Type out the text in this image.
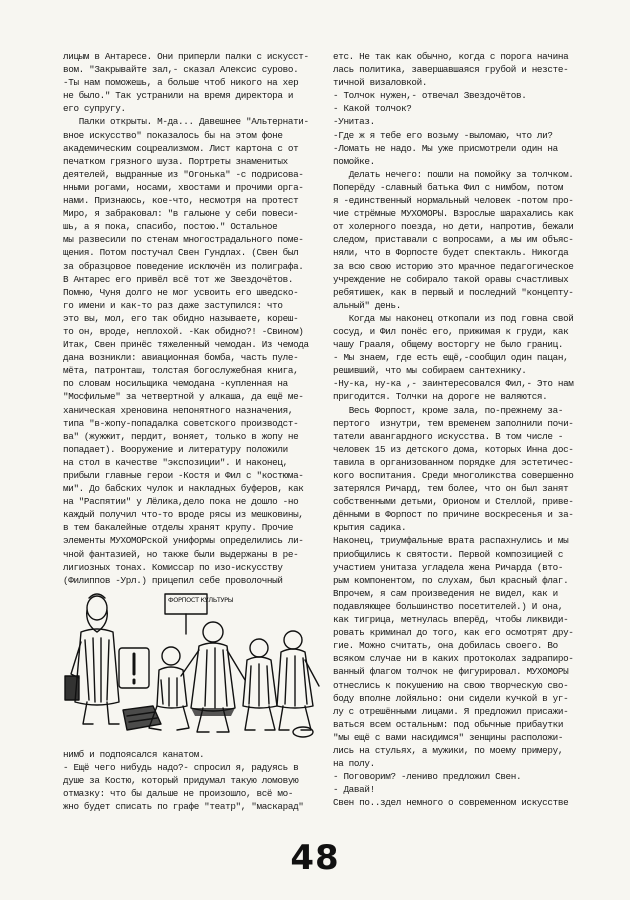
лицым в Антаресе. Они приперли палки с искусст-
вом. "Закрывайте зал,- сказал Алексис сурово.
-Ты нам поможешь, а больше чтоб никого на хер
не было." Так устранили на время директора и
его супругу.

Палки открыты. М-да... Давешнее "Альтернати-
вное искусство" показалось бы на этом фоне
академическим соцреализмом. Лист картона с от
печатком грязного шуза. Портреты знаменитых
деятелей, выдранные из "Огонька" -с подрисова-
нными рогами, носами, хвостами и прочими орга-
нами. Признаюсь, кое-что, несмотря на протест
Миро, я забраковал: "в гальюне у себи повеси-
шь, а я пока, спасибо, постою." Остальное
мы развесили по стенам многострадального поме-
щения. Потом постучал Свен Гундлах. (Свен был
за образцовое поведение исключён из полиграфа.
В Антарес его привёл всё тот же Звездочётов.
Помню, Чуня долго не мог усвоить его шведско-
го имени и как-то раз даже заступился: что
это вы, мол, его так обидно называете, кореш-
то он, вроде, неплохой. -Как обидно?! -Свином)
Итак, Свен принёс тяжеленный чемодан. Из чемода
дана возникли: авиационная бомба, часть пуле-
мёта, патронташ, толстая богослужебная книга,
по словам носильщика чемодана -купленная на
"Мосфильме" за четвертной у алкаша, да ещё ме-
ханическая хреновина непонятного назначения,
типа "в-жопу-попадалка советского производст-
ва" (жужжит, пердит, воняет, только в жопу не
попадает). Вооружение и литературу положили
на стол в качестве "экспозиции". И наконец,
прибыли главные герои -Костя и Фил с "костюма-
ми". До бабских чулок и накладных буферов, как
на "Распятии" у Лёлика,дело пока не дошло -но
каждый получил что-то вроде рясы из мешковины,
в тем бакалейные отделы хранят крупу. Прочие
элементы МУХОМОРской униформы определились ли-
чной фантазией, но также были выдержаны в ре-
лигиозных тонах. Комиссар по изо-искусству
(Филиппов -Урл.) прицепил себе проволочный

ФОРПОСТ КУЛЬТУРЫ

нимб и подпоясался канатом.

- Ещё чего нибудь надо?- спросил я, радуясь в
душе за Костю, который придумал такую ломовую
отмазку: что бы дальше не произошло, всё мо-
жно будет списать по графе "театр", "маскарад"

етс. Не так как обычно, когда с порога начина
лась политика, завершавшаяся грубой и незсте-
тичной визаловкой.

- Толчок нужен,- отвечал Звездочётов.

- Какой толчок?

-Унитаз.

-Где ж я тебе его возьму -выломаю, что ли?

-Ломать не надо. Мы уже присмотрели один на
помойке.

Делать нечего: пошли на помойку за толчком.
Поперёду -славный батька Фил с нимбом, потом
я -единственный нормальный человек -потом про-
чие стрёмные МУХОМОРЫ. Взрослые шарахались как
от холерного поезда, но дети, напротив, бежали
следом, приставали с вопросами, а мы им объяс-
няли, что в Форпосте будет спектакль. Никогда
за всю свою историю это мрачное педагогическое
учреждение не собирало такой оравы счастливых
ребятишек, как в первый и последний "концепту-
альный" день.

Когда мы наконец откопали из под говна свой
сосуд, и Фил понёс его, прижимая к груди, как
чашу Грааля, общему восторгу не было границ.

- Мы знаем, где есть ещё,-сообщил один пацан,
решивший, что мы собираем сантехнику.

-Ну-ка, ну-ка ,- заинтересовался Фил,- Это нам
пригодится. Толчки на дороге не валяются.

Весь Форпост, кроме зала, по-прежнему за-
пертого  изнутри, тем временем заполнили почи-
татели авангардного искусства. В том числе -
человек 15 из детского дома, которых Инна дос-
тавила в организованном порядке для эстетичес-
кого воспитания. Среди многоликства совершенно
затерялся Ричард, тем более, что он был занят
собственными детьми, Орионом и Стеллой, приве-
дёнными в Форпост по причине воскресенья и за-
крытия садика.

Наконец, триумфальные врата распахнулись и мы
приобщились к святости. Первой композицией с
участием унитаза угладела жена Ричарда (вто-
рым компонентом, по слухам, был красный флаг.
Впрочем, я сам произведения не видел, как и
подавляющее большинство посетителей.) И она,
как тигрица, метнулась вперёд, чтобы ликвиди-
ровать криминал до того, как его осмотрят дру-
гие. Можно считать, она добилась своего. Во
всяком случае ни в каких протоколах задрапиро-
ванный флагом толчок не фигурировал. МУХОМОРЫ
отнеслись к покушению на свою творческую сво-
боду вполне лойяльно: они сидели кучкой в уг-
лу с отрешёнными лицами. Я предложил присажи-
ваться всем остальным: под обычные прибаутки
"мы ещё с вами насидимся" зенщины расположи-
лись на стульях, а мужики, по моему примеру,
на полу.

- Поговорим? -лениво предложил Свен.

- Давай!

Свен по..здел немного о современном искусстве

48
